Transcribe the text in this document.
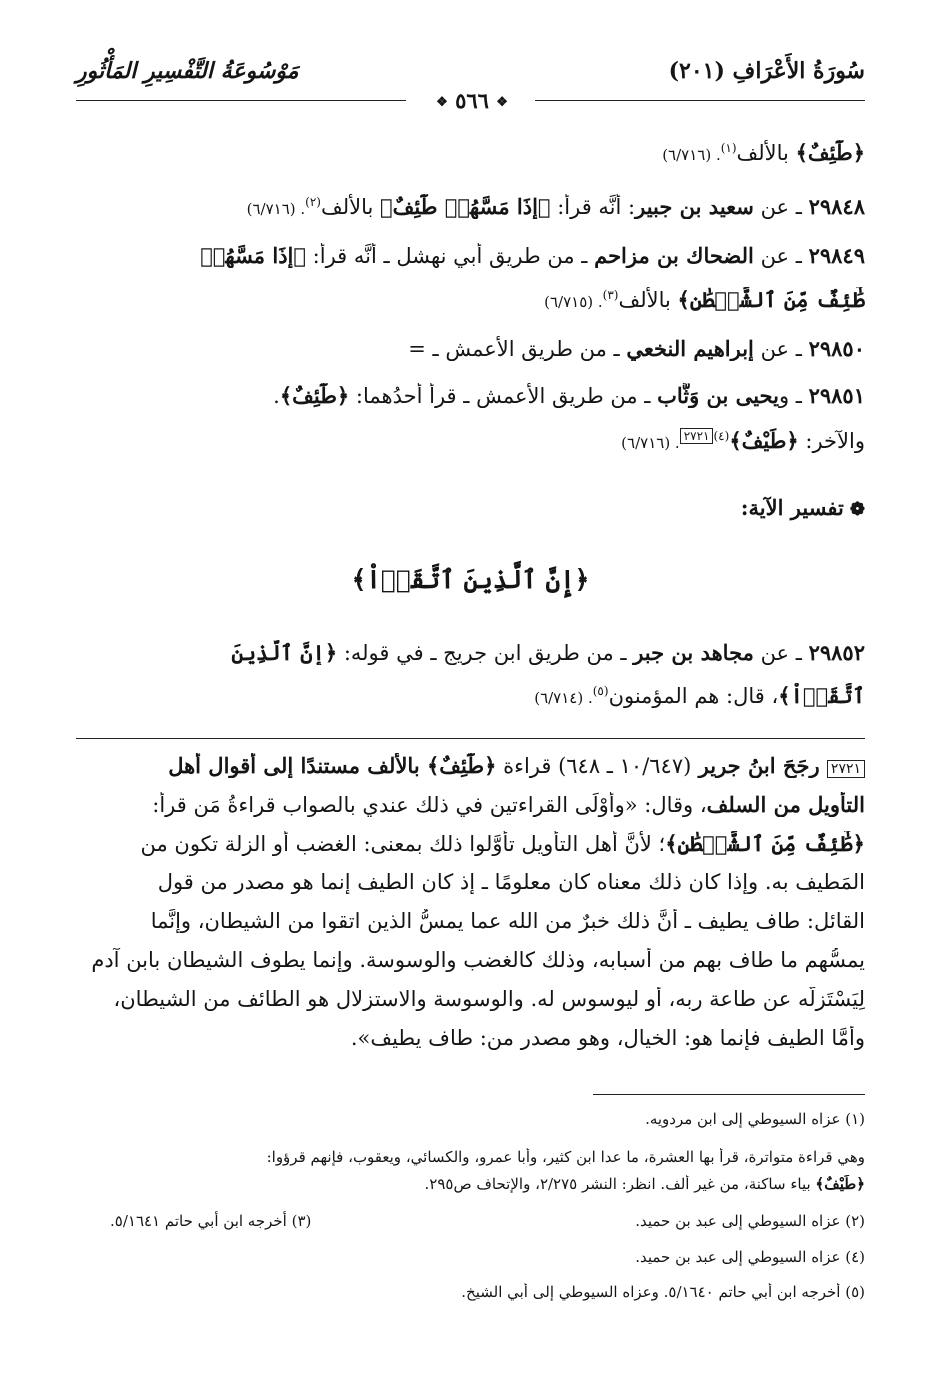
سُورَةُ الأَعْرَافِ (٢٠١)
مَوْسُوعَةُ التَّفْسِيرِ المَأْثُورِ
❖ ٥٦٦ ❖
﴿طَٰٓئِفٌ﴾ بالألف$^{(١)}$. (٦/٧١٦)
٢٩٨٤٨ ـ عن سعيد بن جبير: أنَّه قرأ: ﴿إِذَا مَسَّهُمۡ طَٰٓئِفٌ﴾ بالألف$^{(٢)}$. (٦/٧١٦)
٢٩٨٤٩ ـ عن الضحاك بن مزاحم ـ من طريق أبي نهشل ـ أنَّه قرأ: ﴿إِذَا مَسَّهُمۡ
طَٰٓئِفٌ مِّنَ ٱلشَّيۡطَٰنِ﴾ بالألف$^{(٣)}$. (٦/٧١٥)
٢٩٨٥٠ ـ عن إبراهيم النخعي ـ من طريق الأعمش ـ =
٢٩٨٥١ ـ ويحيى بن وَثَّاب ـ من طريق الأعمش ـ قرأ أحدُهما: ﴿طَٰٓئِفٌ﴾.
والآخر: ﴿طَيْفٌ﴾$^{(٤)٢٧٢١}$. (٦/٧١٦)
❁تفسير الآية:
﴿إِنَّ ٱلَّذِينَ ٱتَّقَوۡاْ﴾
٢٩٨٥٢ ـ عن مجاهد بن جبر ـ من طريق ابن جريج ـ في قوله: ﴿إِنَّ ٱلَّذِينَ
ٱتَّقَوۡاْ﴾، قال: هم المؤمنون$^{(٥)}$. (٦/٧١٤)
٢٧٢١ رجَحَ ابنُ جرير (١٠/٦٤٧ ـ ٦٤٨) قراءة ﴿طَٰٓئِفٌ﴾ بالألف مستندًا إلى أقوال أهل
التأويل من السلف، وقال: «وأَوْلَى القراءتين في ذلك عندي بالصواب قراءةُ مَن قرأ:
﴿طَٰٓئِفٌ مِّنَ ٱلشَّيۡطَٰنِ﴾؛ لأنَّ أهل التأويل تأوَّلوا ذلك بمعنى: الغضب أو الزلة تكون من
المَطيف به. وإذا كان ذلك معناه كان معلومًا ـ إذ كان الطيف إنما هو مصدر من قول
القائل: طاف يطيف ـ أنَّ ذلك خبرٌ من الله عما يمسُّ الذين اتقوا من الشيطان، وإنَّما
يمسُّهم ما طاف بهم من أسبابه، وذلك كالغضب والوسوسة. وإنما يطوف الشيطان بابن آدم
لِيَسْتَزِلَّه عن طاعة ربه، أو ليوسوس له. والوسوسة والاستزلال هو الطائف من الشيطان،
وأمَّا الطيف فإنما هو: الخيال، وهو مصدر من: طاف يطيف».
(١) عزاه السيوطي إلى ابن مردويه.
وهي قراءة متواترة، قرأ بها العشرة، ما عدا ابن كثير، وأبا عمرو، والكسائي، ويعقوب، فإنهم قرؤوا:
﴿طَيْفٌ﴾ بياء ساكنة، من غير ألف. انظر: النشر ٢/٢٧٥، والإتحاف ص٢٩٥.
(٢) عزاه السيوطي إلى عبد بن حميد.
(٣) أخرجه ابن أبي حاتم ٥/١٦٤١.
(٤) عزاه السيوطي إلى عبد بن حميد.
(٥) أخرجه ابن أبي حاتم ٥/١٦٤٠. وعزاه السيوطي إلى أبي الشيخ.
